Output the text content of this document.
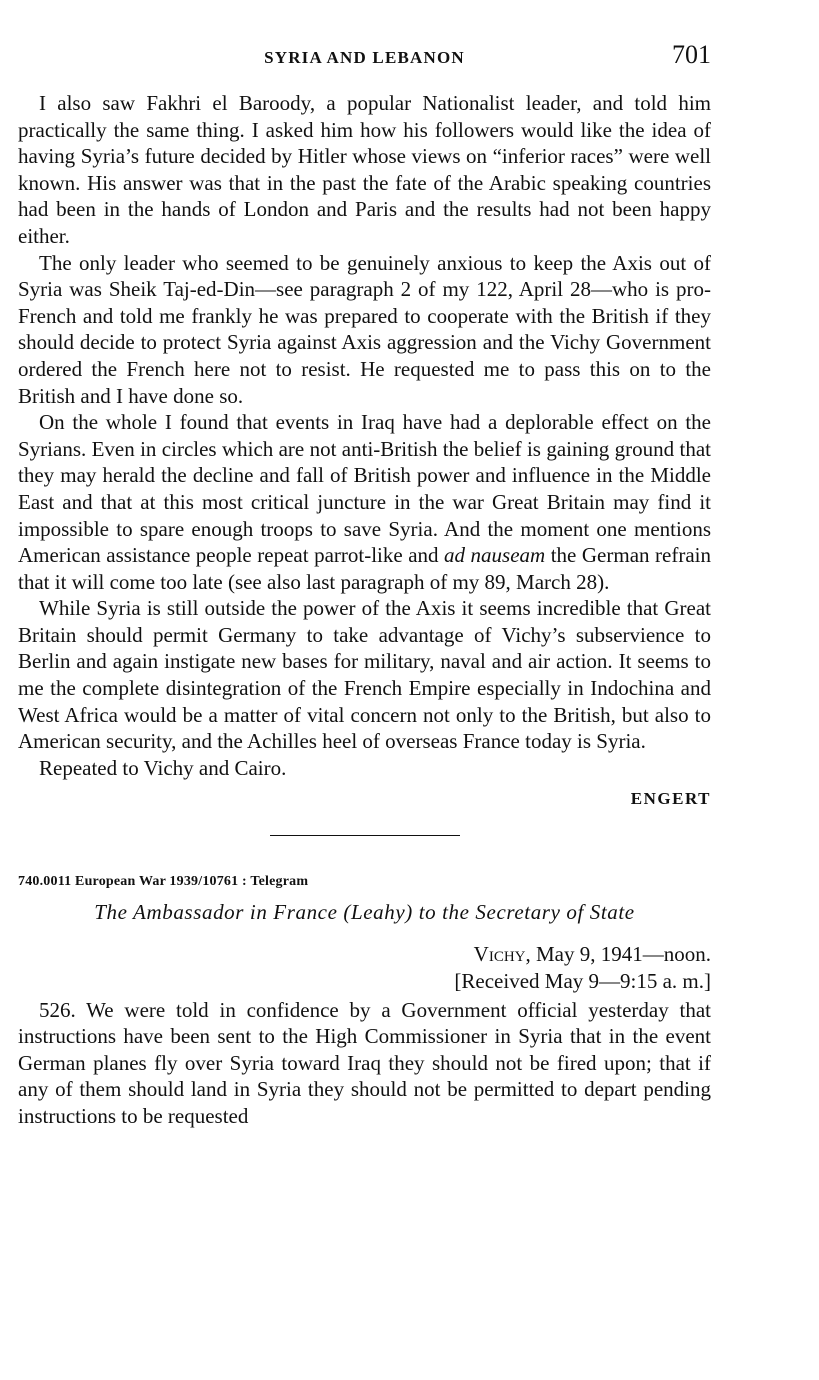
SYRIA AND LEBANON	701

I also saw Fakhri el Baroody, a popular Nationalist leader, and told him practically the same thing. I asked him how his followers would like the idea of having Syria’s future decided by Hitler whose views on “inferior races” were well known. His answer was that in the past the fate of the Arabic speaking countries had been in the hands of London and Paris and the results had not been happy either.

The only leader who seemed to be genuinely anxious to keep the Axis out of Syria was Sheik Taj-ed-Din—see paragraph 2 of my 122, April 28—who is pro-French and told me frankly he was prepared to cooperate with the British if they should decide to protect Syria against Axis aggression and the Vichy Government ordered the French here not to resist. He requested me to pass this on to the British and I have done so.

On the whole I found that events in Iraq have had a deplorable effect on the Syrians. Even in circles which are not anti-British the belief is gaining ground that they may herald the decline and fall of British power and influence in the Middle East and that at this most critical juncture in the war Great Britain may find it impossible to spare enough troops to save Syria. And the moment one mentions American assistance people repeat parrot-like and ad nauseam the German refrain that it will come too late (see also last paragraph of my 89, March 28).

While Syria is still outside the power of the Axis it seems incredible that Great Britain should permit Germany to take advantage of Vichy’s subservience to Berlin and again instigate new bases for military, naval and air action. It seems to me the complete disintegration of the French Empire especially in Indochina and West Africa would be a matter of vital concern not only to the British, but also to American security, and the Achilles heel of overseas France today is Syria.

Repeated to Vichy and Cairo.

ENGERT
740.0011 European War 1939/10761 : Telegram
The Ambassador in France (Leahy) to the Secretary of State
Vichy, May 9, 1941—noon.
[Received May 9—9:15 a. m.]

526. We were told in confidence by a Government official yesterday that instructions have been sent to the High Commissioner in Syria that in the event German planes fly over Syria toward Iraq they should not be fired upon; that if any of them should land in Syria they should not be permitted to depart pending instructions to be requested
